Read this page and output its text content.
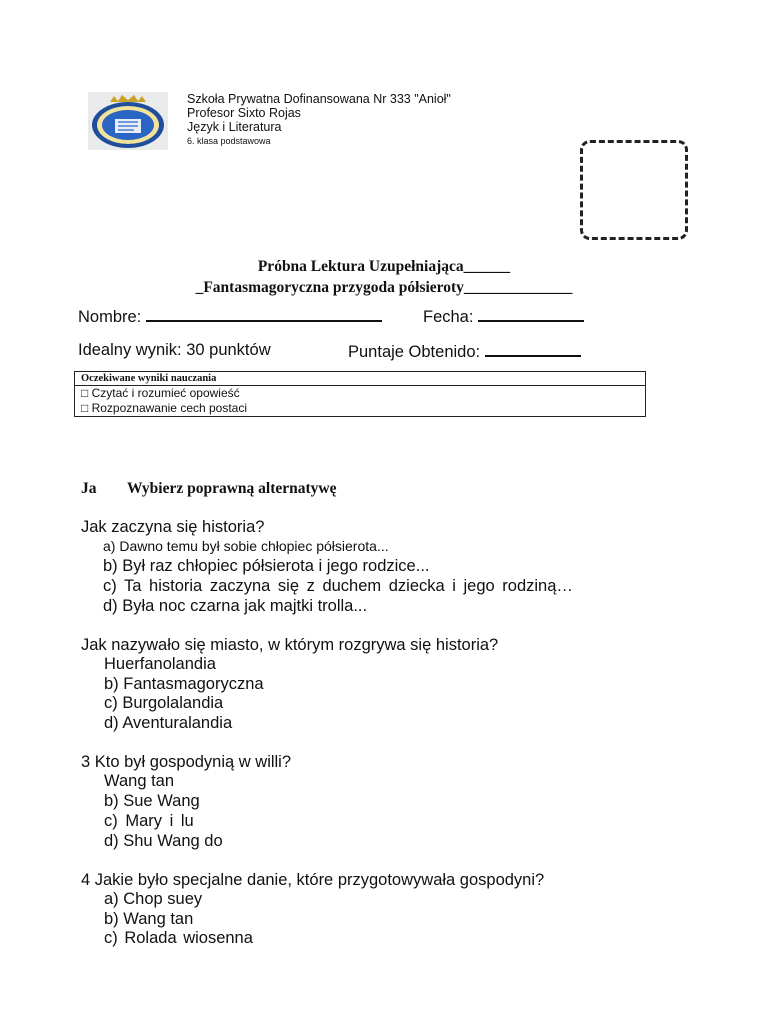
Szkoła Prywatna Dofinansowana Nr 333 "Anioł"
Profesor Sixto Rojas
Język i Literatura
6. klasa podstawowa
Próbna Lektura Uzupełniająca______
_Fantasmagoryczna przygoda półsieroty______________
Nombre:	Fecha:
Idealny wynik: 30 punktów	Puntaje Obtenido:
Oczekiwane wyniki nauczania
□ Czytać i rozumieć opowieść
□ Rozpoznawanie cech postaci
Ja Wybierz poprawną alternatywę
Jak zaczyna się historia?
a) Dawno temu był sobie chłopiec półsierota...
b) Był raz chłopiec półsierota i jego rodzice...
c) Ta historia zaczyna się z duchem dziecka i jego rodziną…
d) Była noc czarna jak majtki trolla...
Jak nazywało się miasto, w którym rozgrywa się historia?
Huerfanolandia
b) Fantasmagoryczna
c) Burgolalandia
d) Aventuralandia
3 Kto był gospodynią w willi?
Wang tan
b) Sue Wang
c) Mary i lu
d) Shu Wang do
4 Jakie było specjalne danie, które przygotowywała gospodyni?
a) Chop suey
b) Wang tan
c) Rolada wiosenna
